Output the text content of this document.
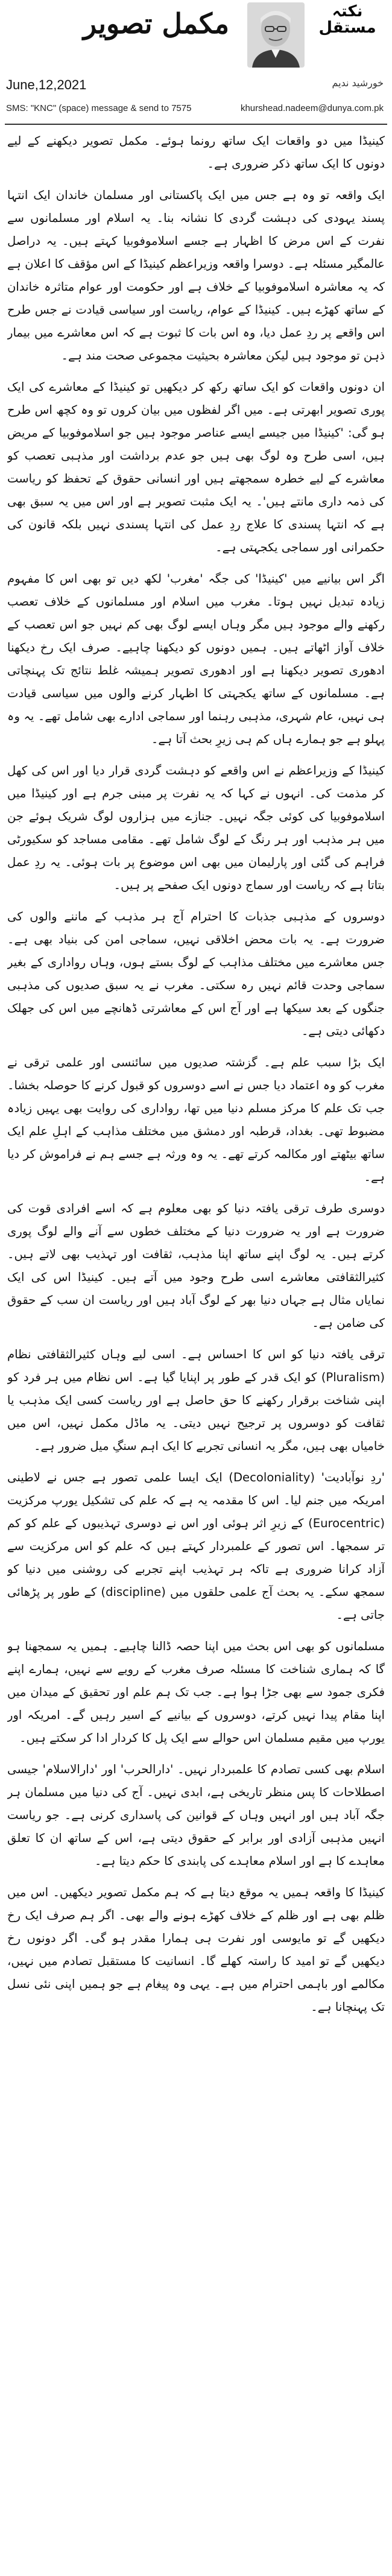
نکتہ
مستقل
مکمل تصویر
خورشید ندیم
June,12,2021
SMS: "KNC" (space) message & send to 7575	khurshead.nadeem@dunya.com.pk

کینیڈا میں دو واقعات ایک ساتھ رونما ہوئے۔ مکمل تصویر دیکھنے کے لیے دونوں کا ایک ساتھ ذکر ضروری ہے۔

ایک واقعہ تو وہ ہے جس میں ایک پاکستانی اور مسلمان خاندان ایک انتہا پسند یہودی کی دہشت گردی کا نشانہ بنا۔ یہ اسلام اور مسلمانوں سے نفرت کے اس مرض کا اظہار ہے جسے اسلاموفوبیا کہتے ہیں۔ یہ دراصل عالمگیر مسئلہ ہے۔ دوسرا واقعہ وزیراعظم کینیڈا کے اس مؤقف کا اعلان ہے کہ یہ معاشرہ اسلاموفوبیا کے خلاف ہے اور حکومت اور عوام متاثرہ خاندان کے ساتھ کھڑے ہیں۔ کینیڈا کے عوام، ریاست اور سیاسی قیادت نے جس طرح اس واقعے پر ردِ عمل دیا، وہ اس بات کا ثبوت ہے کہ اس معاشرے میں بیمار ذہن تو موجود ہیں لیکن معاشرہ بحیثیت مجموعی صحت مند ہے۔

ان دونوں واقعات کو ایک ساتھ رکھ کر دیکھیں تو کینیڈا کے معاشرے کی ایک پوری تصویر ابھرتی ہے۔ میں اگر لفظوں میں بیان کروں تو وہ کچھ اس طرح ہو گی: 'کینیڈا میں جیسے ایسے عناصر موجود ہیں جو اسلاموفوبیا کے مریض ہیں، اسی طرح وہ لوگ بھی ہیں جو عدم برداشت اور مذہبی تعصب کو معاشرے کے لیے خطرہ سمجھتے ہیں اور انسانی حقوق کے تحفظ کو ریاست کی ذمہ داری مانتے ہیں'۔ یہ ایک مثبت تصویر ہے اور اس میں یہ سبق بھی ہے کہ انتہا پسندی کا علاج ردِ عمل کی انتہا پسندی نہیں بلکہ قانون کی حکمرانی اور سماجی یکجہتی ہے۔

اگر اس بیانیے میں 'کینیڈا' کی جگہ 'مغرب' لکھ دیں تو بھی اس کا مفہوم زیادہ تبدیل نہیں ہوتا۔ مغرب میں اسلام اور مسلمانوں کے خلاف تعصب رکھنے والے موجود ہیں مگر وہاں ایسے لوگ بھی کم نہیں جو اس تعصب کے خلاف آواز اٹھاتے ہیں۔ ہمیں دونوں کو دیکھنا چاہیے۔ صرف ایک رخ دیکھنا ادھوری تصویر دیکھنا ہے اور ادھوری تصویر ہمیشہ غلط نتائج تک پہنچاتی ہے۔ مسلمانوں کے ساتھ یکجہتی کا اظہار کرنے والوں میں سیاسی قیادت ہی نہیں، عام شہری، مذہبی رہنما اور سماجی ادارے بھی شامل تھے۔ یہ وہ پہلو ہے جو ہمارے ہاں کم ہی زیرِ بحث آتا ہے۔

کینیڈا کے وزیراعظم نے اس واقعے کو دہشت گردی قرار دیا اور اس کی کھل کر مذمت کی۔ انہوں نے کہا کہ یہ نفرت پر مبنی جرم ہے اور کینیڈا میں اسلاموفوبیا کی کوئی جگہ نہیں۔ جنازے میں ہزاروں لوگ شریک ہوئے جن میں ہر مذہب اور ہر رنگ کے لوگ شامل تھے۔ مقامی مساجد کو سکیورٹی فراہم کی گئی اور پارلیمان میں بھی اس موضوع پر بات ہوئی۔ یہ ردِ عمل بتاتا ہے کہ ریاست اور سماج دونوں ایک صفحے پر ہیں۔

دوسروں کے مذہبی جذبات کا احترام آج ہر مذہب کے ماننے والوں کی ضرورت ہے۔ یہ بات محض اخلاقی نہیں، سماجی امن کی بنیاد بھی ہے۔ جس معاشرے میں مختلف مذاہب کے لوگ بستے ہوں، وہاں رواداری کے بغیر سماجی وحدت قائم نہیں رہ سکتی۔ مغرب نے یہ سبق صدیوں کی مذہبی جنگوں کے بعد سیکھا ہے اور آج اس کے معاشرتی ڈھانچے میں اس کی جھلک دکھائی دیتی ہے۔

ایک بڑا سبب علم ہے۔ گزشتہ صدیوں میں سائنسی اور علمی ترقی نے مغرب کو وہ اعتماد دیا جس نے اسے دوسروں کو قبول کرنے کا حوصلہ بخشا۔ جب تک علم کا مرکز مسلم دنیا میں تھا، رواداری کی روایت بھی یہیں زیادہ مضبوط تھی۔ بغداد، قرطبہ اور دمشق میں مختلف مذاہب کے اہلِ علم ایک ساتھ بیٹھتے اور مکالمہ کرتے تھے۔ یہ وہ ورثہ ہے جسے ہم نے فراموش کر دیا ہے۔

دوسری طرف ترقی یافتہ دنیا کو بھی معلوم ہے کہ اسے افرادی قوت کی ضرورت ہے اور یہ ضرورت دنیا کے مختلف خطوں سے آنے والے لوگ پوری کرتے ہیں۔ یہ لوگ اپنے ساتھ اپنا مذہب، ثقافت اور تہذیب بھی لاتے ہیں۔ کثیرالثقافتی معاشرے اسی طرح وجود میں آتے ہیں۔ کینیڈا اس کی ایک نمایاں مثال ہے جہاں دنیا بھر کے لوگ آباد ہیں اور ریاست ان سب کے حقوق کی ضامن ہے۔

ترقی یافتہ دنیا کو اس کا احساس ہے۔ اسی لیے وہاں کثیرالثقافتی نظام (Pluralism) کو ایک قدر کے طور پر اپنایا گیا ہے۔ اس نظام میں ہر فرد کو اپنی شناخت برقرار رکھنے کا حق حاصل ہے اور ریاست کسی ایک مذہب یا ثقافت کو دوسروں پر ترجیح نہیں دیتی۔ یہ ماڈل مکمل نہیں، اس میں خامیاں بھی ہیں، مگر یہ انسانی تجربے کا ایک اہم سنگِ میل ضرور ہے۔

'ردِ نوآبادیت' (Decoloniality) ایک ایسا علمی تصور ہے جس نے لاطینی امریکہ میں جنم لیا۔ اس کا مقدمہ یہ ہے کہ علم کی تشکیل یورپ مرکزیت (Eurocentric) کے زیرِ اثر ہوئی اور اس نے دوسری تہذیبوں کے علم کو کم تر سمجھا۔ اس تصور کے علمبردار کہتے ہیں کہ علم کو اس مرکزیت سے آزاد کرانا ضروری ہے تاکہ ہر تہذیب اپنے تجربے کی روشنی میں دنیا کو سمجھ سکے۔ یہ بحث آج علمی حلقوں میں (discipline) کے طور پر پڑھائی جاتی ہے۔

مسلمانوں کو بھی اس بحث میں اپنا حصہ ڈالنا چاہیے۔ ہمیں یہ سمجھنا ہو گا کہ ہماری شناخت کا مسئلہ صرف مغرب کے رویے سے نہیں، ہمارے اپنے فکری جمود سے بھی جڑا ہوا ہے۔ جب تک ہم علم اور تحقیق کے میدان میں اپنا مقام پیدا نہیں کرتے، دوسروں کے بیانیے کے اسیر رہیں گے۔ امریکہ اور یورپ میں مقیم مسلمان اس حوالے سے ایک پل کا کردار ادا کر سکتے ہیں۔

اسلام بھی کسی تصادم کا علمبردار نہیں۔ 'دارالحرب' اور 'دارالاسلام' جیسی اصطلاحات کا پس منظر تاریخی ہے، ابدی نہیں۔ آج کی دنیا میں مسلمان ہر جگہ آباد ہیں اور انہیں وہاں کے قوانین کی پاسداری کرنی ہے۔ جو ریاست انہیں مذہبی آزادی اور برابر کے حقوق دیتی ہے، اس کے ساتھ ان کا تعلق معاہدے کا ہے اور اسلام معاہدے کی پابندی کا حکم دیتا ہے۔

کینیڈا کا واقعہ ہمیں یہ موقع دیتا ہے کہ ہم مکمل تصویر دیکھیں۔ اس میں ظلم بھی ہے اور ظلم کے خلاف کھڑے ہونے والے بھی۔ اگر ہم صرف ایک رخ دیکھیں گے تو مایوسی اور نفرت ہی ہمارا مقدر ہو گی۔ اگر دونوں رخ دیکھیں گے تو امید کا راستہ کھلے گا۔ انسانیت کا مستقبل تصادم میں نہیں، مکالمے اور باہمی احترام میں ہے۔ یہی وہ پیغام ہے جو ہمیں اپنی نئی نسل تک پہنچانا ہے۔
